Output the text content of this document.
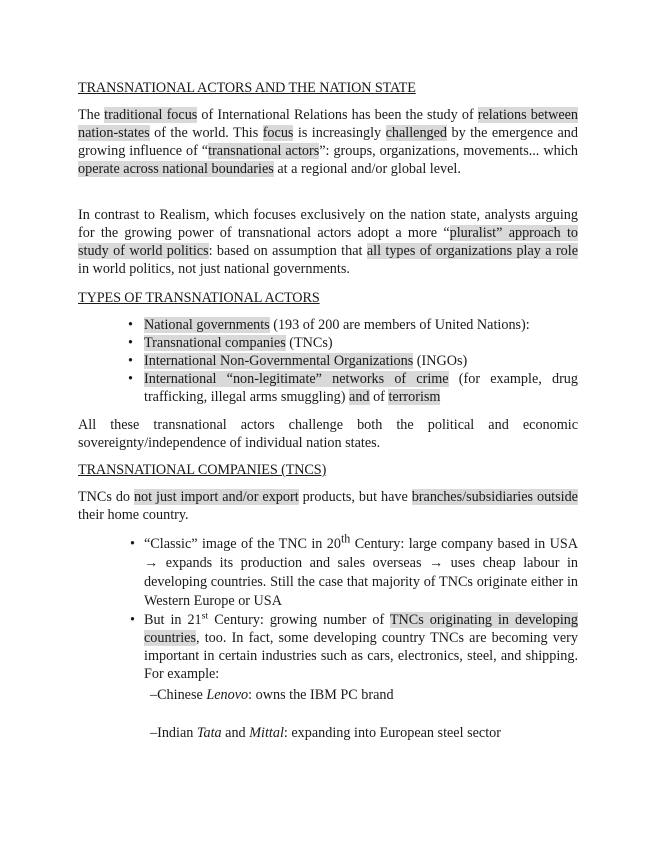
TRANSNATIONAL ACTORS AND THE NATION STATE

The traditional focus of International Relations has been the study of relations between nation-states of the world. This focus is increasingly challenged by the emergence and growing influence of “transnational actors”: groups, organizations, movements... which operate across national boundaries at a regional and/or global level.

In contrast to Realism, which focuses exclusively on the nation state, analysts arguing for the growing power of transnational actors adopt a more “pluralist” approach to study of world politics: based on assumption that all types of organizations play a role in world politics, not just national governments.

TYPES OF TRANSNATIONAL ACTORS
• National governments (193 of 200 are members of United Nations):
• Transnational companies (TNCs)
• International Non-Governmental Organizations (INGOs)
• International “non-legitimate” networks of crime (for example, drug trafficking, illegal arms smuggling) and of terrorism

All these transnational actors challenge both the political and economic sovereignty/independence of individual nation states.

TRANSNATIONAL COMPANIES (TNCS)

TNCs do not just import and/or export products, but have branches/subsidiaries outside their home country.

• “Classic” image of the TNC in 20th Century: large company based in USA → expands its production and sales overseas → uses cheap labour in developing countries. Still the case that majority of TNCs originate either in Western Europe or USA
• But in 21st Century: growing number of TNCs originating in developing countries, too. In fact, some developing country TNCs are becoming very important in certain industries such as cars, electronics, steel, and shipping. For example:

–Chinese Lenovo: owns the IBM PC brand

–Indian Tata and Mittal: expanding into European steel sector
